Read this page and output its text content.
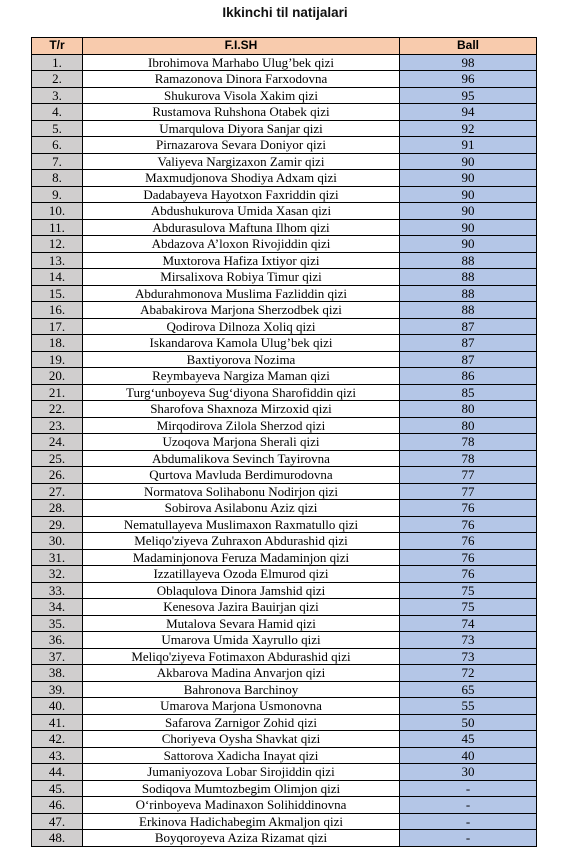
Ikkinchi til natijalari
T/r	F.I.SH	Ball
1.	Ibrohimova Marhabo Ulug’bek qizi	98
2.	Ramazonova Dinora Farxodovna	96
3.	Shukurova Visola Xakim qizi	95
4.	Rustamova Ruhshona Otabek qizi	94
5.	Umarqulova Diyora Sanjar qizi	92
6.	Pirnazarova Sevara Doniyor qizi	91
7.	Valiyeva Nargizaxon Zamir qizi	90
8.	Maxmudjonova Shodiya Adxam qizi	90
9.	Dadabayeva Hayotxon Faxriddin qizi	90
10.	Abdushukurova Umida Xasan qizi	90
11.	Abdurasulova Maftuna Ilhom qizi	90
12.	Abdazova A’loxon Rivojiddin qizi	90
13.	Muxtorova Hafiza Ixtiyor qizi	88
14.	Mirsalixova Robiya Timur qizi	88
15.	Abdurahmonova Muslima Fazliddin qizi	88
16.	Ababakirova Marjona Sherzodbek qizi	88
17.	Qodirova Dilnoza Xoliq qizi	87
18.	Iskandarova Kamola Ulug’bek qizi	87
19.	Baxtiyorova Nozima	87
20.	Reymbayeva Nargiza Maman qizi	86
21.	Turg‘unboyeva Sug‘diyona Sharofiddin qizi	85
22.	Sharofova Shaxnoza Mirzoxid qizi	80
23.	Mirqodirova Zilola Sherzod qizi	80
24.	Uzoqova Marjona Sherali qizi	78
25.	Abdumalikova Sevinch Tayirovna	78
26.	Qurtova Mavluda Berdimurodovna	77
27.	Normatova Solihabonu Nodirjon qizi	77
28.	Sobirova Asilabonu Aziz qizi	76
29.	Nematullayeva Muslimaxon Raxmatullo qizi	76
30.	Meliqo'ziyeva Zuhraxon Abdurashid qizi	76
31.	Madaminjonova Feruza Madaminjon qizi	76
32.	Izzatillayeva Ozoda Elmurod qizi	76
33.	Oblaqulova Dinora Jamshid qizi	75
34.	Kenesova Jazira Bauirjan qizi	75
35.	Mutalova Sevara Hamid qizi	74
36.	Umarova Umida Xayrullo qizi	73
37.	Meliqo'ziyeva Fotimaxon Abdurashid qizi	73
38.	Akbarova Madina Anvarjon qizi	72
39.	Bahronova Barchinoy	65
40.	Umarova Marjona Usmonovna	55
41.	Safarova Zarnigor Zohid qizi	50
42.	Choriyeva Oysha Shavkat qizi	45
43.	Sattorova Xadicha Inayat qizi	40
44.	Jumaniyozova Lobar Sirojiddin qizi	30
45.	Sodiqova Mumtozbegim Olimjon qizi	-
46.	O‘rinboyeva Madinaxon Solihiddinovna	-
47.	Erkinova Hadichabegim Akmaljon qizi	-
48.	Boyqoroyeva Aziza Rizamat qizi	-
